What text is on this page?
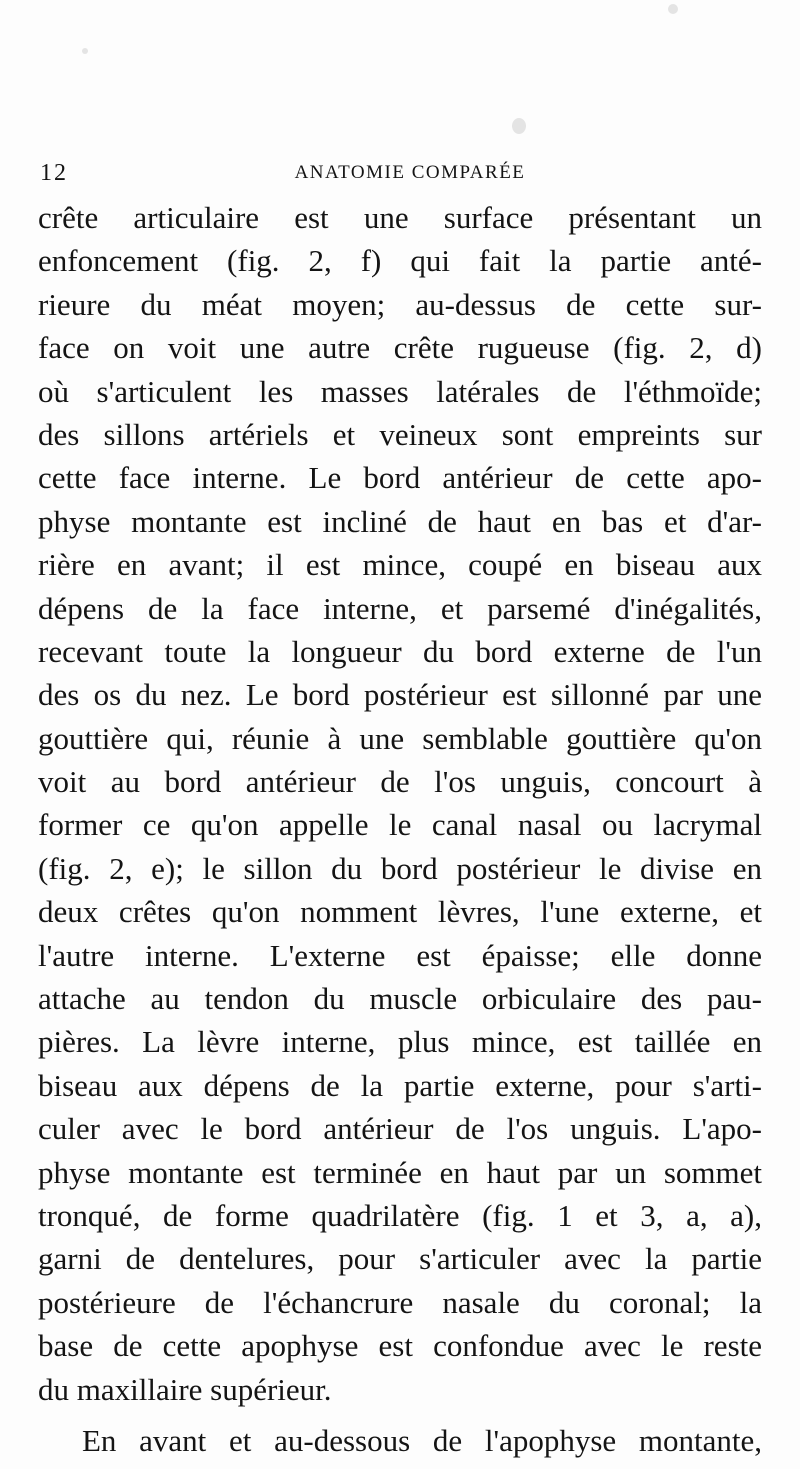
12	ANATOMIE COMPARÉE
crête articulaire est une surface présentant un
enfoncement (fig. 2, f) qui fait la partie anté-
rieure du méat moyen; au-dessus de cette sur-
face on voit une autre crête rugueuse (fig. 2, d)
où s'articulent les masses latérales de l'éthmoïde;
des sillons artériels et veineux sont empreints sur
cette face interne. Le bord antérieur de cette apo-
physe montante est incliné de haut en bas et d'ar-
rière en avant; il est mince, coupé en biseau aux
dépens de la face interne, et parsemé d'inégalités,
recevant toute la longueur du bord externe de l'un
des os du nez. Le bord postérieur est sillonné par une
gouttière qui, réunie à une semblable gouttière qu'on
voit au bord antérieur de l'os unguis, concourt à
former ce qu'on appelle le canal nasal ou lacrymal
(fig. 2, e); le sillon du bord postérieur le divise en
deux crêtes qu'on nomment lèvres, l'une externe, et
l'autre interne. L'externe est épaisse; elle donne
attache au tendon du muscle orbiculaire des pau-
pières. La lèvre interne, plus mince, est taillée en
biseau aux dépens de la partie externe, pour s'arti-
culer avec le bord antérieur de l'os unguis. L'apo-
physe montante est terminée en haut par un sommet
tronqué, de forme quadrilatère (fig. 1 et 3, a, a),
garni de dentelures, pour s'articuler avec la partie
postérieure de l'échancrure nasale du coronal; la
base de cette apophyse est confondue avec le reste
du maxillaire supérieur.
En avant et au-dessous de l'apophyse montante,
